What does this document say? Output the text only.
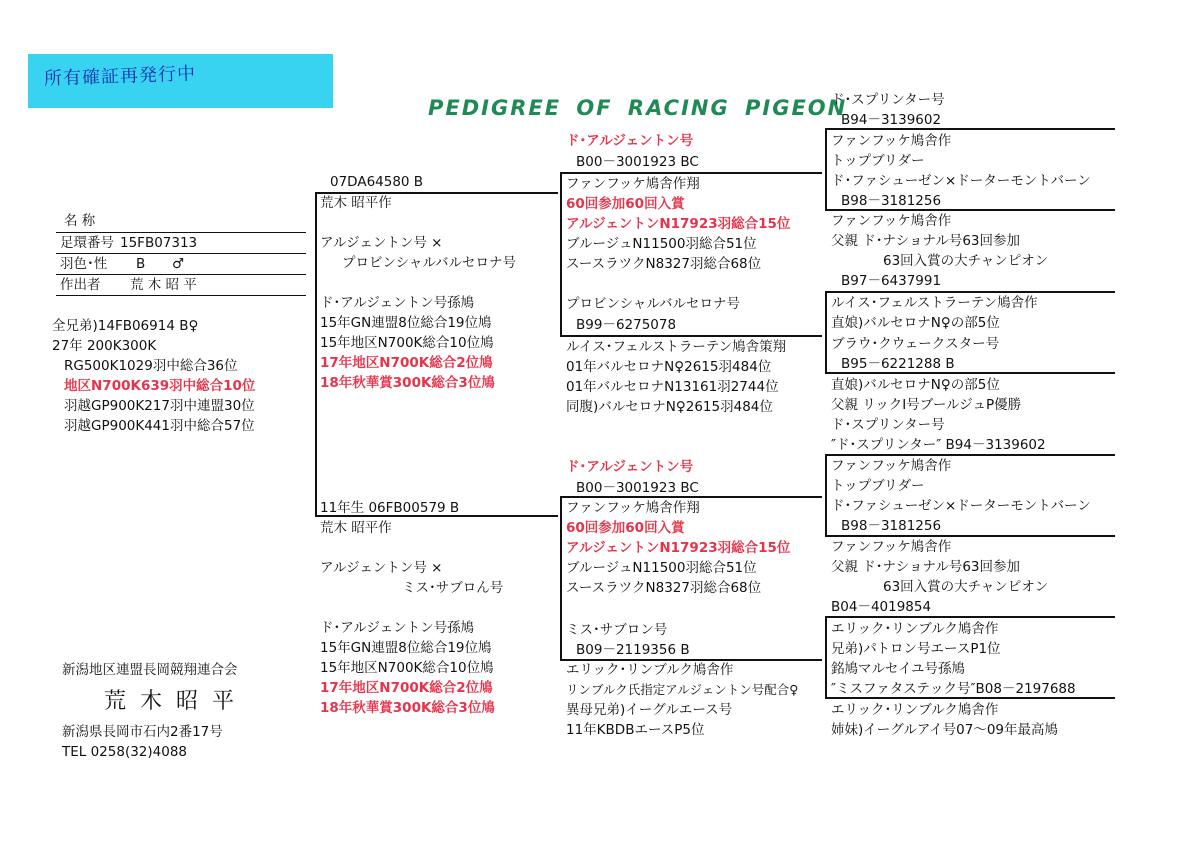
所有確証再発行中
PEDIGREE OF RACING PIGEON
名 称
足環番号 15FB07313
羽色･性 B ♂
作出者 荒 木 昭 平
全兄弟)14FB06914 B♀
27年 200K300K
RG500K1029羽中総合36位
地区N700K639羽中総合10位
羽越GP900K217羽中連盟30位
羽越GP900K441羽中総合57位
新潟地区連盟長岡競翔連合会
荒木昭平
新潟県長岡市石内2番17号
TEL 0258(32)4088
07DA64580 B
荒木 昭平作
アルジェントン号 ×
プロビンシャルバルセロナ号
ド･アルジェントン号孫鳩
15年GN連盟8位総合19位鳩
15年地区N700K総合10位鳩
17年地区N700K総合2位鳩
18年秋華賞300K総合3位鳩
11年生 06FB00579 B
荒木 昭平作
アルジェントン号 ×
ミス･サブロん号
ド･アルジェントン号孫鳩
15年GN連盟8位総合19位鳩
15年地区N700K総合10位鳩
17年地区N700K総合2位鳩
18年秋華賞300K総合3位鳩
ド･アルジェントン号
B00－3001923 BC
ファンフッケ鳩舎作翔
60回参加60回入賞
アルジェントンN17923羽総合15位
ブルージュN11500羽総合51位
スースラツクN8327羽総合68位
プロビンシャルバルセロナ号
B99－6275078
ルイス･フェルストラーテン鳩舎策翔
01年バルセロナN♀2615羽484位
01年バルセロナN13161羽2744位
同腹)バルセロナN♀2615羽484位
ド･アルジェントン号
B00－3001923 BC
ファンフッケ鳩舎作翔
60回参加60回入賞
アルジェントンN17923羽総合15位
ブルージュN11500羽総合51位
スースラツクN8327羽総合68位
ミス･サブロン号
B09－2119356 B
エリック･リンブルク鳩舎作
リンブルク氏指定アルジェントン号配合♀
異母兄弟)イーグルエース号
11年KBDBエースP5位
ド･スプリンター号
B94－3139602
ファンフッケ鳩舎作
トップブリダー
ド･ファシューゼン×ドーターモントバーン
B98－3181256
ファンフッケ鳩舎作
父親 ド･ナショナル号63回参加
63回入賞の大チャンピオン
B97－6437991
ルイス･フェルストラーテン鳩舎作
直娘)バルセロナN♀の部5位
ブラウ･クウェークスター号
B95－6221288 B
直娘)バルセロナN♀の部5位
父親 リックⅠ号ブールジュP優勝
ド･スプリンター号
″ド･スプリンター″ B94－3139602
ファンフッケ鳩舎作
トップブリダー
ド･ファシューゼン×ドーターモントバーン
B98－3181256
ファンフッケ鳩舎作
父親 ド･ナショナル号63回参加
63回入賞の大チャンピオン
B04－4019854
エリック･リンブルク鳩舎作
兄弟)パトロン号エースP1位
銘鳩マルセイユ号孫鳩
″ミスファタステック号″B08－2197688
エリック･リンブルク鳩舎作
姉妹)イーグルアイ号07～09年最高鳩
